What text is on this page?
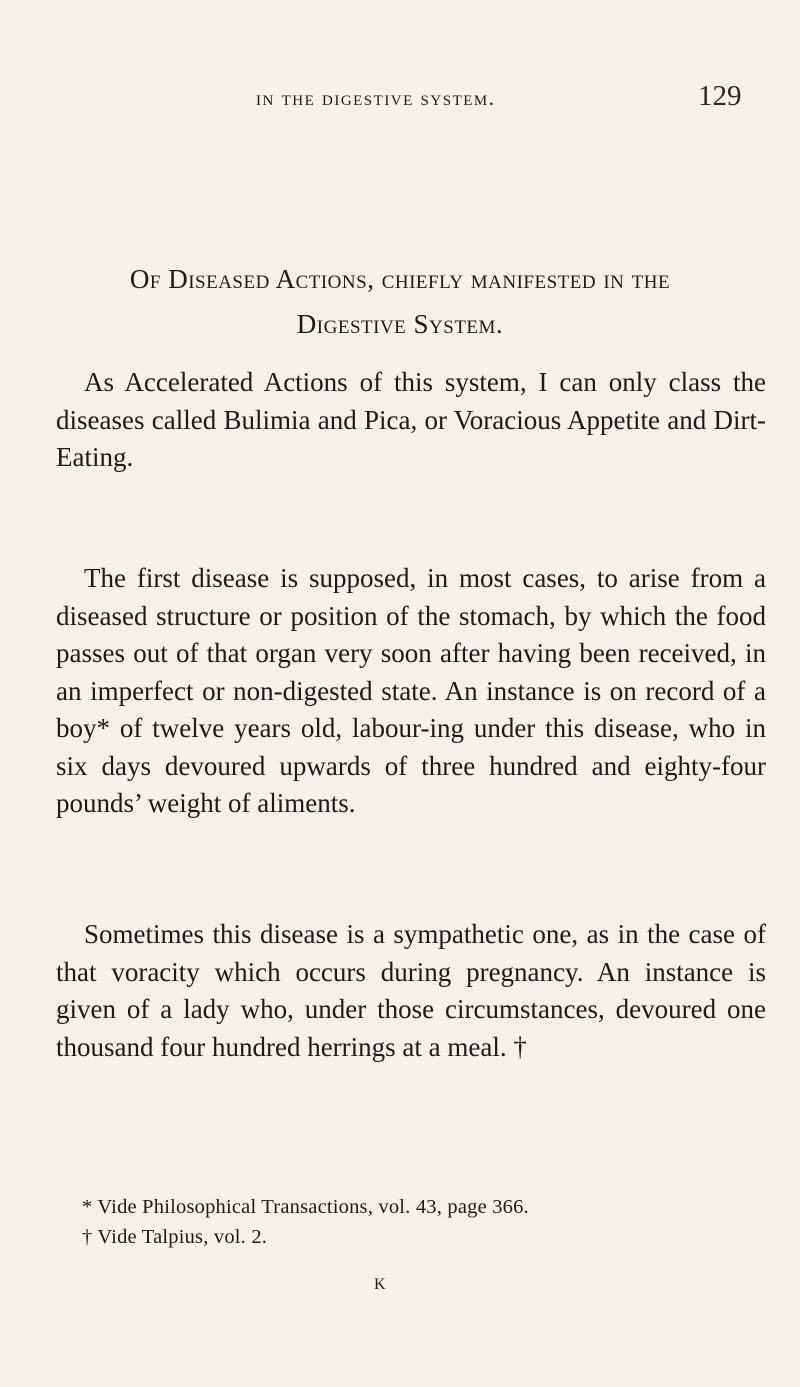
in the digestive system.	129
Of Diseased Actions, chiefly manifested in the
Digestive System.

As Accelerated Actions of this system, I can only class the diseases called Bulimia and Pica, or Voracious Appetite and Dirt-Eating.

The first disease is supposed, in most cases, to arise from a diseased structure or position of the stomach, by which the food passes out of that organ very soon after having been received, in an imperfect or non-digested state. An instance is on record of a boy* of twelve years old, labour-ing under this disease, who in six days devoured upwards of three hundred and eighty-four pounds’ weight of aliments.

Sometimes this disease is a sympathetic one, as in the case of that voracity which occurs during pregnancy. An instance is given of a lady who, under those circumstances, devoured one thousand four hundred herrings at a meal. †

* Vide Philosophical Transactions, vol. 43, page 366.
† Vide Talpius, vol. 2.
K
